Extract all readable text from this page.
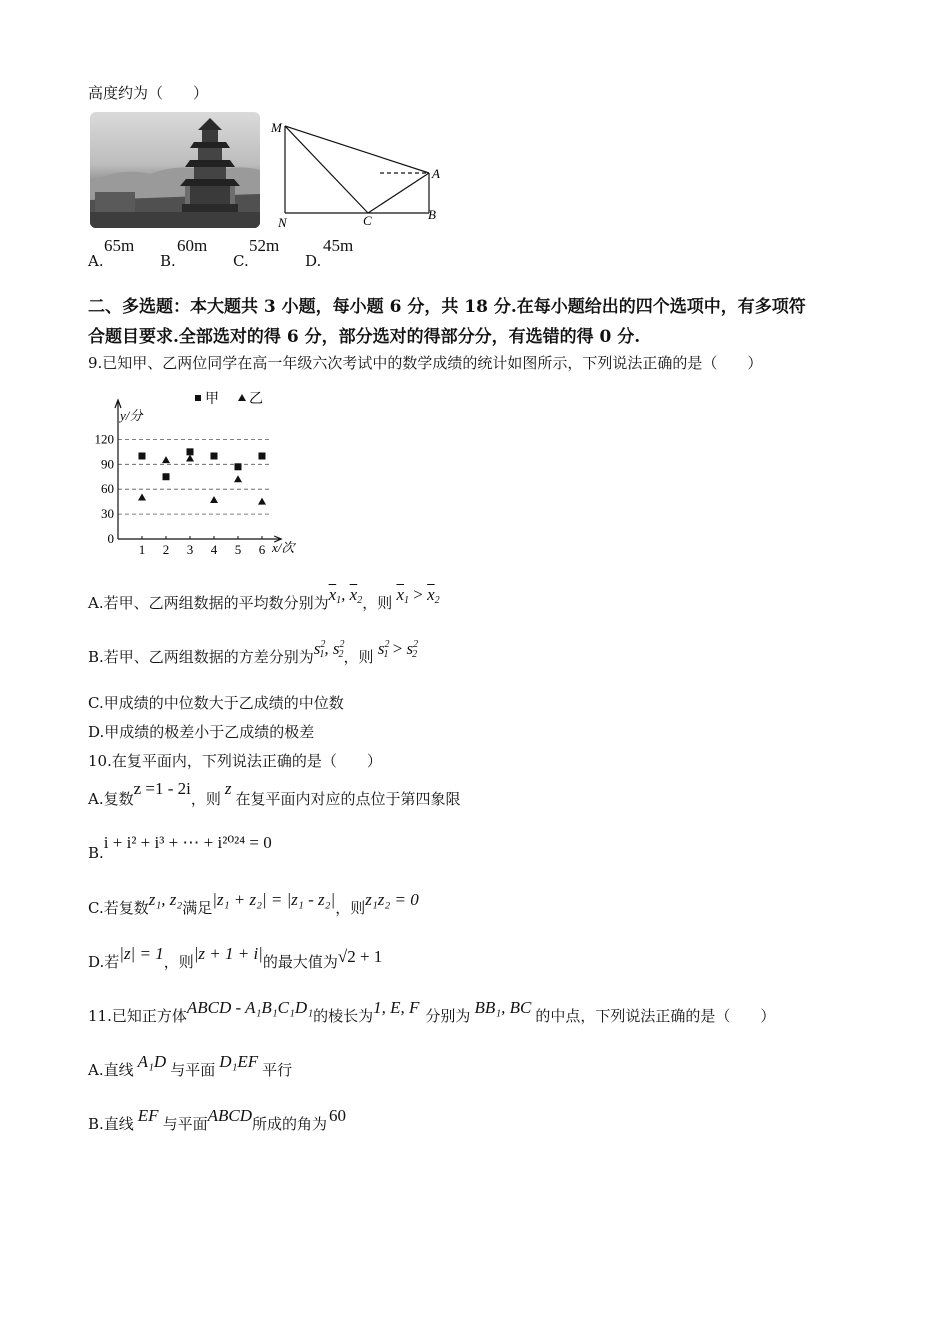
高度约为（　　）
M
N	C
A
B
65m
A.
60m
B.
52m
C.
45m
D.
二、多选题：本大题共 3 小题，每小题 6 分，共 18 分.在每小题给出的四个选项中，有多项符
合题目要求.全部选对的得 6 分，部分选对的得部分分，有选错的得 0 分.
9.已知甲、乙两位同学在高一年级六次考试中的数学成绩的统计如图所示，下列说法正确的是（　　）
0
30
60
90
120
1 2 3 4 5 6
甲 乙
y/分
x/次
A.若甲、乙两组数据的平均数分别为$\overline{x}_1$, $\overline{x}_2$，则 $\overline{x}_1 > \overline{x}_2$
B.若甲、乙两组数据的方差分别为$s^2_1$, $s^2_2$，则 $s^2_1 > s^2_2$
C.甲成绩的中位数大于乙成绩的中位数
D.甲成绩的极差小于乙成绩的极差
10.在复平面内，下列说法正确的是（　　）
A.复数z =1 - 2i，则z在复平面内对应的点位于第四象限
B.i + i² + i³ + ⋯ + i²⁰²⁴ = 0
C.若复数z₁, z₂满足|z₁ + z₂| = |z₁ - z₂|，则z₁z₂ = 0
D.若|z| = 1，则|z + 1 + i|的最大值为√2 + 1
11.已知正方体ABCD - A₁B₁C₁D₁的棱长为1, E, F 分别为 BB₁, BC 的中点，下列说法正确的是（　　）
A.直线 A₁D 与平面 D₁EF 平行
B.直线 EF 与平面ABCD所成的角为 60
